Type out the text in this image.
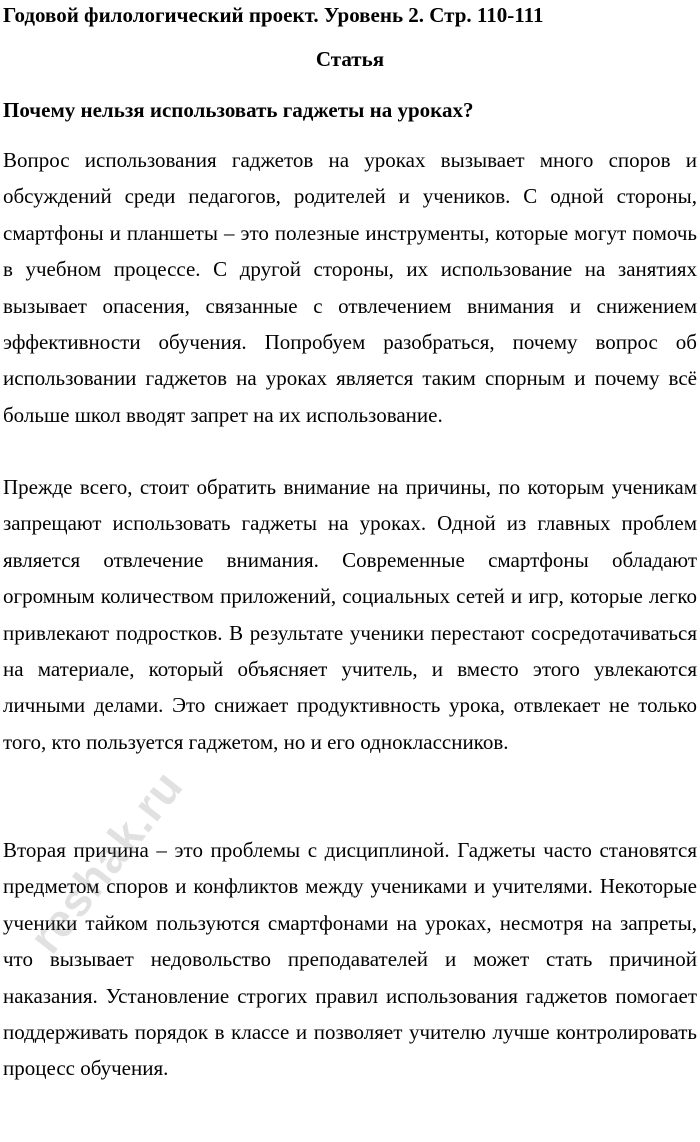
Годовой филологический проект. Уровень 2. Стр. 110-111
Статья
Почему нельзя использовать гаджеты на уроках?

Вопрос использования гаджетов на уроках вызывает много споров и обсуждений среди педагогов, родителей и учеников. С одной стороны, смартфоны и планшеты – это полезные инструменты, которые могут помочь в учебном процессе. С другой стороны, их использование на занятиях вызывает опасения, связанные с отвлечением внимания и снижением эффективности обучения. Попробуем разобраться, почему вопрос об использовании гаджетов на уроках является таким спорным и почему всё больше школ вводят запрет на их использование.

Прежде всего, стоит обратить внимание на причины, по которым ученикам запрещают использовать гаджеты на уроках. Одной из главных проблем является отвлечение внимания. Современные смартфоны обладают огромным количеством приложений, социальных сетей и игр, которые легко привлекают подростков. В результате ученики перестают сосредотачиваться на материале, который объясняет учитель, и вместо этого увлекаются личными делами. Это снижает продуктивность урока, отвлекает не только того, кто пользуется гаджетом, но и его одноклассников.

Вторая причина – это проблемы с дисциплиной. Гаджеты часто становятся предметом споров и конфликтов между учениками и учителями. Некоторые ученики тайком пользуются смартфонами на уроках, несмотря на запреты, что вызывает недовольство преподавателей и может стать причиной наказания. Установление строгих правил использования гаджетов помогает поддерживать порядок в классе и позволяет учителю лучше контролировать процесс обучения.

reshak.ru
